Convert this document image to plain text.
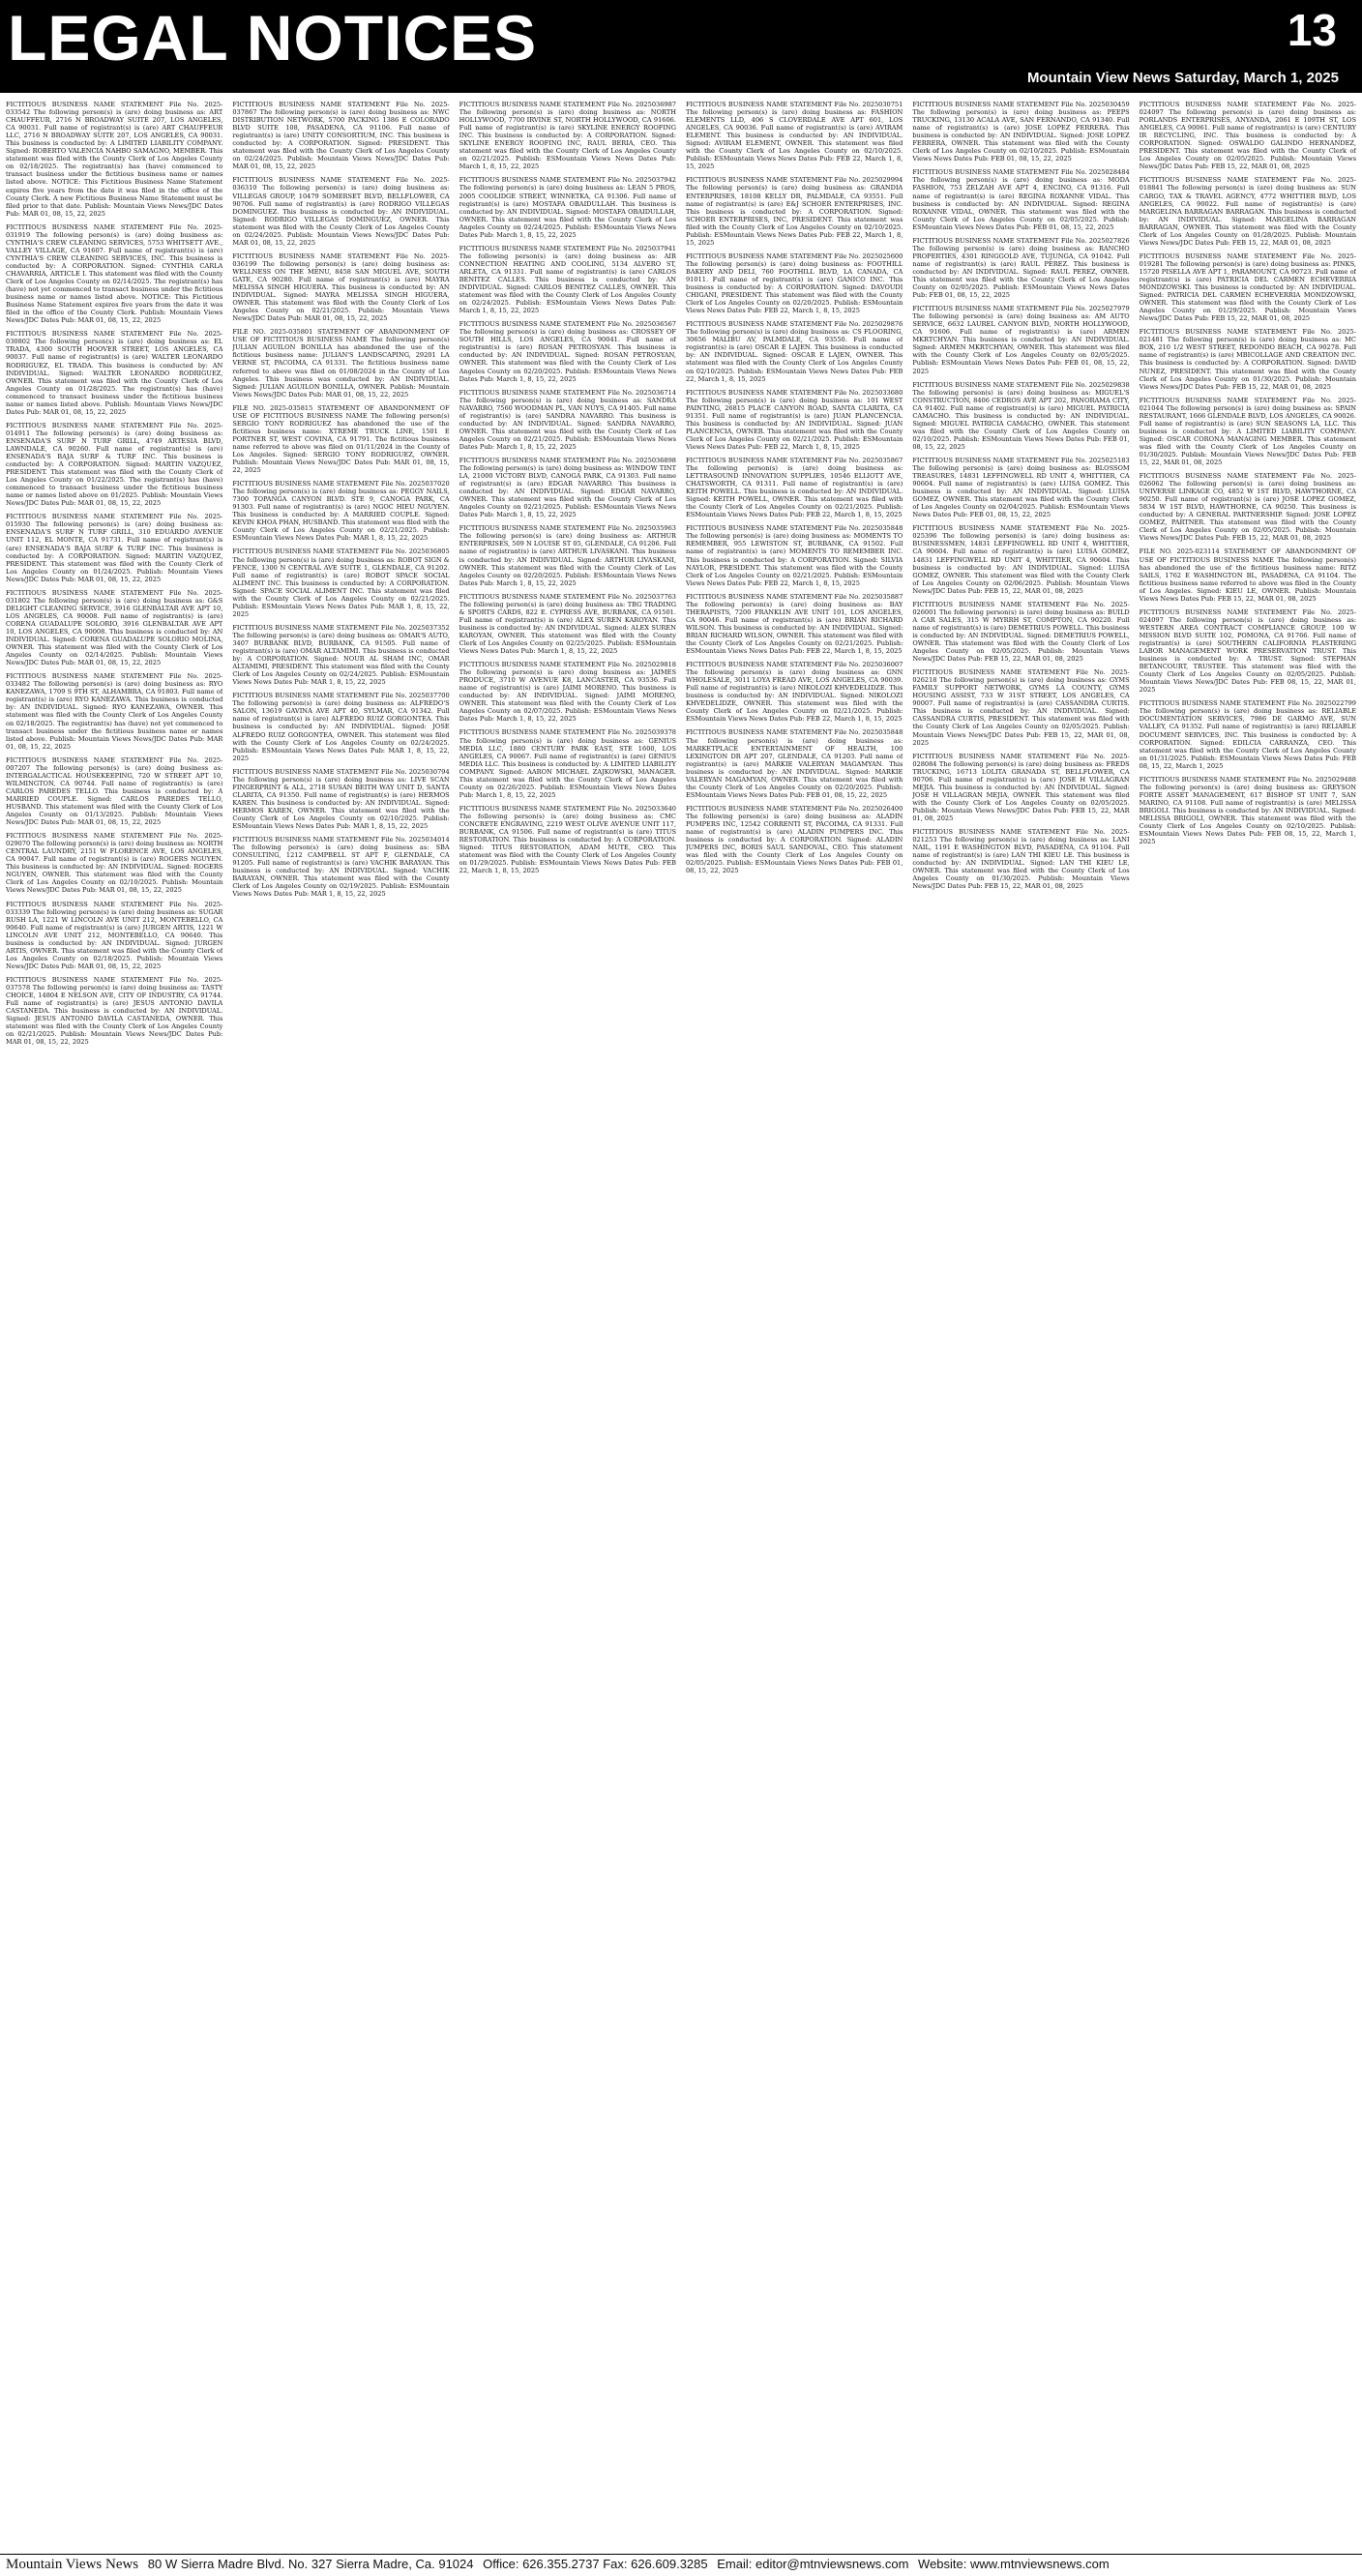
LEGAL NOTICES	13
Mountain View News Saturday, March 1, 2025

FICTITIOUS BUSINESS NAME STATEMENT File No. 2025-033542 The following person(s) is (are) doing business as: ART CHAUFFEUR, 2716 N BROADWAY SUITE 207, LOS ANGELES, CA 90031. Full name of registrant(s) is (are) ART CHAUFFEUR LLC, 2716 N BROADWAY SUITE 207, LOS ANGELES, CA 90031. This business is conducted by: A LIMITED LIABILITY COMPANY. Signed: ROBERTO VALENCIA NAHBO SAMAGNO, MEMBER. This statement was filed with the County Clerk of Los Angeles County on 02/18/2025. The registrant(s) has (have) commenced to transact business under the fictitious business name or names listed above. NOTICE: This Fictitious Business Name Statement expires five years from the date it was filed in the office of the County Clerk. A new Fictitious Business Name Statement must be filed prior to that date. Publish: Mountain Views News/JDC Dates Pub: MAR 01, 08, 15, 22, 2025

FICTITIOUS BUSINESS NAME STATEMENT File No. 2025-031919 The following person(s) is (are) doing business as: CYNTHIA'S CREW CLEANING SERVICES, 5753 WHITSETT AVE., VALLEY VILLAGE, CA 91607. Full name of registrant(s) is (are) CYNTHIA'S CREW CLEANING SERVICES, INC. This business is conducted by: A CORPORATION. Signed: CYNTHIA CARLA CHAVARRIA, ARTICLE I. This statement was filed with the County Clerk of Los Angeles County on 02/14/2025. The registrant(s) has (have) not yet commenced to transact business under the fictitious business name or names listed above. NOTICE: This Fictitious Business Name Statement expires five years from the date it was filed in the office of the County Clerk. Publish: Mountain Views News/JDC Dates Pub: MAR 01, 08, 15, 22, 2025

FICTITIOUS BUSINESS NAME STATEMENT File No. 2025-030802 The following person(s) is (are) doing business as: EL TRADA, 4300 SOUTH HOOVER STREET, LOS ANGELES, CA 90037. Full name of registrant(s) is (are) WALTER LEONARDO RODRIGUEZ, EL TRADA. This business is conducted by: AN INDIVIDUAL. Signed: WALTER LEONARDO RODRIGUEZ, OWNER. This statement was filed with the County Clerk of Los Angeles County on 01/28/2025. The registrant(s) has (have) commenced to transact business under the fictitious business name or names listed above. Publish: Mountain Views News/JDC Dates Pub: MAR 01, 08, 15, 22, 2025

FICTITIOUS BUSINESS NAME STATEMENT File No. 2025-014911 The following person(s) is (are) doing business as: ENSENADA'S SURF N TURF GRILL, 4749 ARTESIA BLVD, LAWNDALE, CA 90260. Full name of registrant(s) is (are) ENSENADA'S BAJA SURF & TURF INC. This business is conducted by: A CORPORATION. Signed: MARTIN VAZQUEZ, PRESIDENT. This statement was filed with the County Clerk of Los Angeles County on 01/22/2025. The registrant(s) has (have) commenced to transact business under the fictitious business name or names listed above on 01/2025. Publish: Mountain Views News/JDC Dates Pub: MAR 01, 08, 15, 22, 2025

FICTITIOUS BUSINESS NAME STATEMENT File No. 2025-015930 The following person(s) is (are) doing business as: ENSENADA'S SURF N TURF GRILL, 310 EDUARDO AVENUE UNIT 112, EL MONTE, CA 91731. Full name of registrant(s) is (are) ENSENADA'S BAJA SURF & TURF INC. This business is conducted by: A CORPORATION. Signed: MARTIN VAZQUEZ, PRESIDENT. This statement was filed with the County Clerk of Los Angeles County on 01/24/2025. Publish: Mountain Views News/JDC Dates Pub: MAR 01, 08, 15, 22, 2025

FICTITIOUS BUSINESS NAME STATEMENT File No. 2025-031802 The following person(s) is (are) doing business as: G&S DELIGHT CLEANING SERVICE, 3916 GLENBALTAR AVE APT 10, LOS ANGELES, CA 90008. Full name of registrant(s) is (are) CORENA GUADALUPE SOLORIO, 3916 GLENBALTAR AVE APT 10, LOS ANGELES, CA 90008. This business is conducted by: AN INDIVIDUAL. Signed: CORENA GUADALUPE SOLORIO MOLINA, OWNER. This statement was filed with the County Clerk of Los Angeles County on 02/14/2025. Publish: Mountain Views News/JDC Dates Pub: MAR 01, 08, 15, 22, 2025

FICTITIOUS BUSINESS NAME STATEMENT File No. 2025-033482 The following person(s) is (are) doing business as: RYO KANEZAWA, 1709 S 9TH ST, ALHAMBRA, CA 91803. Full name of registrant(s) is (are) RYO KANEZAWA. This business is conducted by: AN INDIVIDUAL. Signed: RYO KANEZAWA, OWNER. This statement was filed with the County Clerk of Los Angeles County on 02/18/2025. The registrant(s) has (have) not yet commenced to transact business under the fictitious business name or names listed above. Publish: Mountain Views News/JDC Dates Pub: MAR 01, 08, 15, 22, 2025

FICTITIOUS BUSINESS NAME STATEMENT File No. 2025-007207 The following person(s) is (are) doing business as: INTERGALACTICAL HOUSEKEEPING, 720 W STREET APT 10, WILMINGTON, CA 90744. Full name of registrant(s) is (are) CARLOS PAREDES TELLO. This business is conducted by: A MARRIED COUPLE. Signed: CARLOS PAREDES TELLO, HUSBAND. This statement was filed with the County Clerk of Los Angeles County on 01/13/2025. Publish: Mountain Views News/JDC Dates Pub: MAR 01, 08, 15, 22, 2025

FICTITIOUS BUSINESS NAME STATEMENT File No. 2025-029070 The following person(s) is (are) doing business as: NORTH CENTRAL LAUNDRY, 2151 W FLORENCE AVE, LOS ANGELES, CA 90047. Full name of registrant(s) is (are) ROGERS NGUYEN. This business is conducted by: AN INDIVIDUAL. Signed: ROGERS NGUYEN, OWNER. This statement was filed with the County Clerk of Los Angeles County on 02/10/2025. Publish: Mountain Views News/JDC Dates Pub: MAR 01, 08, 15, 22, 2025

FICTITIOUS BUSINESS NAME STATEMENT File No. 2025-033339 The following person(s) is (are) doing business as: SUGAR RUSH LA, 1221 W LINCOLN AVE UNIT 212, MONTEBELLO, CA 90640. Full name of registrant(s) is (are) JURGEN ARTIS, 1221 W LINCOLN AVE UNIT 212, MONTEBELLO, CA 90640. This business is conducted by: AN INDIVIDUAL. Signed: JURGEN ARTIS, OWNER. This statement was filed with the County Clerk of Los Angeles County on 02/18/2025. Publish: Mountain Views News/JDC Dates Pub: MAR 01, 08, 15, 22, 2025

FICTITIOUS BUSINESS NAME STATEMENT File No. 2025-037578 The following person(s) is (are) doing business as: TASTY CHOICE, 14804 E NELSON AVE, CITY OF INDUSTRY, CA 91744. Full name of registrant(s) is (are) JESUS ANTONIO DAVILA CASTANEDA. This business is conducted by: AN INDIVIDUAL. Signed: JESUS ANTONIO DAVILA CASTANEDA, OWNER. This statement was filed with the County Clerk of Los Angeles County on 02/21/2025. Publish: Mountain Views News/JDC Dates Pub: MAR 01, 08, 15, 22, 2025

FICTITIOUS BUSINESS NAME STATEMENT File No. 2025-037867 The following person(s) is (are) doing business as: NWC DISTRIBUTION NETWORK, 5700 PACKING 1386 E COLORADO BLVD SUITE 108, PASADENA, CA 91106. Full name of registrant(s) is (are) UNITY CONSORTIUM, INC. This business is conducted by: A CORPORATION. Signed: PRESIDENT. This statement was filed with the County Clerk of Los Angeles County on 02/24/2025. Publish: Mountain Views News/JDC Dates Pub: MAR 01, 08, 15, 22, 2025

FICTITIOUS BUSINESS NAME STATEMENT File No. 2025-036310 The following person(s) is (are) doing business as: VILLEGAS GROUP, 10479 SOMERSET BLVD, BELLFLOWER, CA 90706. Full name of registrant(s) is (are) RODRIGO VILLEGAS DOMINGUEZ. This business is conducted by: AN INDIVIDUAL. Signed: RODRIGO VILLEGAS DOMINGUEZ, OWNER. This statement was filed with the County Clerk of Los Angeles County on 02/24/2025. Publish: Mountain Views News/JDC Dates Pub: MAR 01, 08, 15, 22, 2025

FICTITIOUS BUSINESS NAME STATEMENT File No. 2025-036199 The following person(s) is (are) doing business as: WELLNESS ON THE MENU, 8458 SAN MIGUEL AVE, SOUTH GATE, CA 90280. Full name of registrant(s) is (are) MAYRA MELISSA SINGH HIGUERA. This business is conducted by: AN INDIVIDUAL. Signed: MAYRA MELISSA SINGH HIGUERA, OWNER. This statement was filed with the County Clerk of Los Angeles County on 02/21/2025. Publish: Mountain Views News/JDC Dates Pub: MAR 01, 08, 15, 22, 2025

FILE NO. 2025-035801 STATEMENT OF ABANDONMENT OF USE OF FICTITIOUS BUSINESS NAME The following person(s) JULIAN AGUILON BONILLA has abandoned the use of the fictitious business name: JULIAN'S LANDSCAPING, 29201 LA VERNE ST, PACOIMA, CA 91331. The fictitious business name referred to above was filed on 01/08/2024 in the County of Los Angeles. This business was conducted by: AN INDIVIDUAL. Signed: JULIAN AGUILON BONILLA, OWNER. Publish: Mountain Views News/JDC Dates Pub: MAR 01, 08, 15, 22, 2025

FILE NO. 2025-035815 STATEMENT OF ABANDONMENT OF USE OF FICTITIOUS BUSINESS NAME The following person(s) SERGIO TONY RODRIGUEZ has abandoned the use of the fictitious business name: XTREME TRUCK LINE, 1501 E PORTNER ST, WEST COVINA, CA 91791. The fictitious business name referred to above was filed on 01/11/2024 in the County of Los Angeles. Signed: SERGIO TONY RODRIGUEZ, OWNER. Publish: Mountain Views News/JDC Dates Pub: MAR 01, 08, 15, 22, 2025

FICTITIOUS BUSINESS NAME STATEMENT File No. 2025037020 The following person(s) is (are) doing business as: PEGGY NAILS, 7300 TOPANGA CANYON BLVD. STE 9, CANOGA PARK, CA 91303. Full name of registrant(s) is (are) NGOC HIEU NGUYEN. This business is conducted by: A MARRIED COUPLE. Signed: KEVIN KHOA PHAN, HUSBAND. This statement was filed with the County Clerk of Los Angeles County on 02/21/2025. Publish: ESMountain Views News Dates Pub: MAR 1, 8, 15, 22, 2025

FICTITIOUS BUSINESS NAME STATEMENT File No. 2025036805 The following person(s) is (are) doing business as: ROBOT SIGN & FENCE, 1300 N CENTRAL AVE SUITE 1, GLENDALE, CA 91202. Full name of registrant(s) is (are) ROBOT SPACE SOCIAL ALIMENT INC. This business is conducted by: A CORPORATION. Signed: SPACE SOCIAL ALIMENT INC. This statement was filed with the County Clerk of Los Angeles County on 02/21/2025. Publish: ESMountain Views News Dates Pub: MAR 1, 8, 15, 22, 2025

FICTITIOUS BUSINESS NAME STATEMENT File No. 2025037352 The following person(s) is (are) doing business as: OMAR'S AUTO, 3407 BURBANK BLVD, BURBANK, CA 91505. Full name of registrant(s) is (are) OMAR ALTAMIMI. This business is conducted by: A CORPORATION. Signed: NOUR AL SHAM INC, OMAR ALTAMIMI, PRESIDENT. This statement was filed with the County Clerk of Los Angeles County on 02/24/2025. Publish: ESMountain Views News Dates Pub: MAR 1, 8, 15, 22, 2025

FICTITIOUS BUSINESS NAME STATEMENT File No. 2025037700 The following person(s) is (are) doing business as: ALFREDO'S SALON, 13619 GAVINA AVE APT 40, SYLMAR, CA 91342. Full name of registrant(s) is (are) ALFREDO RUIZ GORGONTEA. This business is conducted by: AN INDIVIDUAL. Signed: JOSE ALFREDO RUIZ GORGONTEA, OWNER. This statement was filed with the County Clerk of Los Angeles County on 02/24/2025. Publish: ESMountain Views News Dates Pub: MAR 1, 8, 15, 22, 2025

FICTITIOUS BUSINESS NAME STATEMENT File No. 2025030794 The following person(s) is (are) doing business as: LIVE SCAN FINGERPRINT & ALL, 2718 SUSAN BEITH WAY UNIT D, SANTA CLARITA, CA 91350. Full name of registrant(s) is (are) HERMOS KAREN. This business is conducted by: AN INDIVIDUAL. Signed: HERMOS KAREN, OWNER. This statement was filed with the County Clerk of Los Angeles County on 02/10/2025. Publish: ESMountain Views News Dates Pub: MAR 1, 8, 15, 22, 2025

FICTITIOUS BUSINESS NAME STATEMENT File No. 2025034014 The following person(s) is (are) doing business as: SBA CONSULTING, 1212 CAMPBELL ST APT F, GLENDALE, CA 91205. Full name of registrant(s) is (are) VACHIK BARAYAN. This business is conducted by: AN INDIVIDUAL. Signed: VACHIK BARAYAN, OWNER. This statement was filed with the County Clerk of Los Angeles County on 02/19/2025. Publish: ESMountain Views News Dates Pub: MAR 1, 8, 15, 22, 2025

FICTITIOUS BUSINESS NAME STATEMENT File No. 2025036987 The following person(s) is (are) doing business as: NORTH HOLLYWOOD, 7700 IRVINE ST, NORTH HOLLYWOOD, CA 91606. Full name of registrant(s) is (are) SKYLINE ENERGY ROOFING INC. This business is conducted by: A CORPORATION. Signed: SKYLINE ENERGY ROOFING INC, RAUL BERIA, CEO. This statement was filed with the County Clerk of Los Angeles County on 02/21/2025. Publish: ESMountain Views News Dates Pub: March 1, 8, 15, 22, 2025

FICTITIOUS BUSINESS NAME STATEMENT File No. 2025037942 The following person(s) is (are) doing business as: LEAN 5 PROS, 2005 COOLIDGE STREET, WINNETKA, CA 91306. Full name of registrant(s) is (are) MOSTAFA OBAIDULLAH. This business is conducted by: AN INDIVIDUAL. Signed: MOSTAFA OBAIDULLAH, OWNER. This statement was filed with the County Clerk of Los Angeles County on 02/24/2025. Publish: ESMountain Views News Dates Pub: March 1, 8, 15, 22, 2025

FICTITIOUS BUSINESS NAME STATEMENT File No. 2025037941 The following person(s) is (are) doing business as: AIR CONNECTION HEATING AND COOLING, 5134 ALVERO ST, ARLETA, CA 91331. Full name of registrant(s) is (are) CARLOS BENITEZ CALLES. This business is conducted by: AN INDIVIDUAL. Signed: CARLOS BENITEZ CALLES, OWNER. This statement was filed with the County Clerk of Los Angeles County on 02/24/2025. Publish: ESMountain Views News Dates Pub: March 1, 8, 15, 22, 2025

FICTITIOUS BUSINESS NAME STATEMENT File No. 2025036567 The following person(s) is (are) doing business as: CROSSEY OF SOUTH HILLS, LOS ANGELES, CA 90041. Full name of registrant(s) is (are) ROSAN PETROSYAN. This business is conducted by: AN INDIVIDUAL. Signed: ROSAN PETROSYAN, OWNER. This statement was filed with the County Clerk of Los Angeles County on 02/20/2025. Publish: ESMountain Views News Dates Pub: March 1, 8, 15, 22, 2025

FICTITIOUS BUSINESS NAME STATEMENT File No. 2025036714 The following person(s) is (are) doing business as: SANDRA NAVARRO, 7560 WOODMAN PL, VAN NUYS, CA 91405. Full name of registrant(s) is (are) SANDRA NAVARRO. This business is conducted by: AN INDIVIDUAL. Signed: SANDRA NAVARRO, OWNER. This statement was filed with the County Clerk of Los Angeles County on 02/21/2025. Publish: ESMountain Views News Dates Pub: March 1, 8, 15, 22, 2025

FICTITIOUS BUSINESS NAME STATEMENT File No. 2025036898 The following person(s) is (are) doing business as: WINDOW TINT LA, 21000 VICTORY BLVD, CANOGA PARK, CA 91303. Full name of registrant(s) is (are) EDGAR NAVARRO. This business is conducted by: AN INDIVIDUAL. Signed: EDGAR NAVARRO, OWNER. This statement was filed with the County Clerk of Los Angeles County on 02/21/2025. Publish: ESMountain Views News Dates Pub: March 1, 8, 15, 22, 2025

FICTITIOUS BUSINESS NAME STATEMENT File No. 2025035963 The following person(s) is (are) doing business as: ARTHUR ENTERPRISES, 509 N LOUISE ST 05, GLENDALE, CA 91206. Full name of registrant(s) is (are) ARTHUR LIVASKANI. This business is conducted by: AN INDIVIDUAL. Signed: ARTHUR LIVASKANI, OWNER. This statement was filed with the County Clerk of Los Angeles County on 02/20/2025. Publish: ESMountain Views News Dates Pub: March 1, 8, 15, 22, 2025

FICTITIOUS BUSINESS NAME STATEMENT File No. 2025037763 The following person(s) is (are) doing business as: TBG TRADING & SPORTS CARDS, 822 E. CYPRESS AVE, BURBANK, CA 91501. Full name of registrant(s) is (are) ALEX SUREN KAROYAN. This business is conducted by: AN INDIVIDUAL. Signed: ALEX SUREN KAROYAN, OWNER. This statement was filed with the County Clerk of Los Angeles County on 02/25/2025. Publish: ESMountain Views News Dates Pub: March 1, 8, 15, 22, 2025

FICTITIOUS BUSINESS NAME STATEMENT File No. 2025029818 The following person(s) is (are) doing business as: JAIMES PRODUCE, 3710 W AVENUE K8, LANCASTER, CA 93536. Full name of registrant(s) is (are) JAIMI MORENO. This business is conducted by: AN INDIVIDUAL. Signed: JAIMI MORENO, OWNER. This statement was filed with the County Clerk of Los Angeles County on 02/07/2025. Publish: ESMountain Views News Dates Pub: March 1, 8, 15, 22, 2025

FICTITIOUS BUSINESS NAME STATEMENT File No. 2025039378 The following person(s) is (are) doing business as: GENIUS MEDIA LLC, 1880 CENTURY PARK EAST, STE 1600, LOS ANGELES, CA 90067. Full name of registrant(s) is (are) GENIUS MEDIA LLC. This business is conducted by: A LIMITED LIABILITY COMPANY. Signed: AARON MICHAEL ZAJKOWSKI, MANAGER. This statement was filed with the County Clerk of Los Angeles County on 02/26/2025. Publish: ESMountain Views News Dates Pub: March 1, 8, 15, 22, 2025

FICTITIOUS BUSINESS NAME STATEMENT File No. 2025033640 The following person(s) is (are) doing business as: CMC CONCRETE ENGRAVING, 2219 WEST OLIVE AVENUE UNIT 117, BURBANK, CA 91506. Full name of registrant(s) is (are) TITUS RESTORATION. This business is conducted by: A CORPORATION. Signed: TITUS RESTORATION, ADAM MUTE, CEO. This statement was filed with the County Clerk of Los Angeles County on 01/29/2025. Publish: ESMountain Views News Dates Pub: FEB 22, March 1, 8, 15, 2025

FICTITIOUS BUSINESS NAME STATEMENT File No. 2025030751 The following person(s) is (are) doing business as: FASHION ELEMENTS LLD, 406 S CLOVERDALE AVE APT 601, LOS ANGELES, CA 90036. Full name of registrant(s) is (are) AVIRAM ELEMENT. This business is conducted by: AN INDIVIDUAL. Signed: AVIRAM ELEMENT, OWNER. This statement was filed with the County Clerk of Los Angeles County on 02/10/2025. Publish: ESMountain Views News Dates Pub: FEB 22, March 1, 8, 15, 2025

FICTITIOUS BUSINESS NAME STATEMENT File No. 2025029994 The following person(s) is (are) doing business as: GRANDIA ENTERPRISES, 18108 KELLY DR, PALMDALE, CA 93551. Full name of registrant(s) is (are) E&J SCHOER ENTERPRISES, INC. This business is conducted by: A CORPORATION. Signed: SCHOER ENTERPRISES, INC, PRESIDENT. This statement was filed with the County Clerk of Los Angeles County on 02/10/2025. Publish: ESMountain Views News Dates Pub: FEB 22, March 1, 8, 15, 2025

FICTITIOUS BUSINESS NAME STATEMENT File No. 2025025600 The following person(s) is (are) doing business as: FOOTHILL BAKERY AND DELI, 760 FOOTHILL BLVD, LA CANADA, CA 91011. Full name of registrant(s) is (are) GANICO INC. This business is conducted by: A CORPORATION. Signed: DAVOUDI CHIGANI, PRESIDENT. This statement was filed with the County Clerk of Los Angeles County on 02/20/2025. Publish: ESMountain Views News Dates Pub: FEB 22, March 1, 8, 15, 2025

FICTITIOUS BUSINESS NAME STATEMENT File No. 2025029876 The following person(s) is (are) doing business as: CS FLOORING, 30656 MALIBU AV, PALMDALE, CA 93550. Full name of registrant(s) is (are) OSCAR E LAJEN. This business is conducted by: AN INDIVIDUAL. Signed: OSCAR E LAJEN, OWNER. This statement was filed with the County Clerk of Los Angeles County on 02/10/2025. Publish: ESMountain Views News Dates Pub: FEB 22, March 1, 8, 15, 2025

FICTITIOUS BUSINESS NAME STATEMENT File No. 2025033680 The following person(s) is (are) doing business as: 101 WEST PAINTING, 26815 PLACE CANYON ROAD, SANTA CLARITA, CA 91351. Full name of registrant(s) is (are) JUAN PLANCENCIA. This business is conducted by: AN INDIVIDUAL. Signed: JUAN PLANCENCIA, OWNER. This statement was filed with the County Clerk of Los Angeles County on 02/21/2025. Publish: ESMountain Views News Dates Pub: FEB 22, March 1, 8, 15, 2025

FICTITIOUS BUSINESS NAME STATEMENT File No. 2025035867 The following person(s) is (are) doing business as: LETTRASOUND INNOVATION SUPPLIES, 10546 ELLIOTT AVE, CHATSWORTH, CA 91311. Full name of registrant(s) is (are) KEITH POWELL. This business is conducted by: AN INDIVIDUAL. Signed: KEITH POWELL, OWNER. This statement was filed with the County Clerk of Los Angeles County on 02/21/2025. Publish: ESMountain Views News Dates Pub: FEB 22, March 1, 8, 15, 2025

FICTITIOUS BUSINESS NAME STATEMENT File No. 2025035848 The following person(s) is (are) doing business as: MOMENTS TO REMEMBER, 955 LEWISTON ST, BURBANK, CA 91502. Full name of registrant(s) is (are) MOMENTS TO REMEMBER INC. This business is conducted by: A CORPORATION. Signed: SILVIA NAYLOR, PRESIDENT. This statement was filed with the County Clerk of Los Angeles County on 02/21/2025. Publish: ESMountain Views News Dates Pub: FEB 22, March 1, 8, 15, 2025

FICTITIOUS BUSINESS NAME STATEMENT File No. 2025035887 The following person(s) is (are) doing business as: BAY THERAPISTS, 7200 FRANKLIN AVE UNIT 101, LOS ANGELES, CA 90046. Full name of registrant(s) is (are) BRIAN RICHARD WILSON. This business is conducted by: AN INDIVIDUAL. Signed: BRIAN RICHARD WILSON, OWNER. This statement was filed with the County Clerk of Los Angeles County on 02/21/2025. Publish: ESMountain Views News Dates Pub: FEB 22, March 1, 8, 15, 2025

FICTITIOUS BUSINESS NAME STATEMENT File No. 2025036007 The following person(s) is (are) doing business as: GNN WHOLESALE, 3011 LOYA FREAD AVE, LOS ANGELES, CA 90039. Full name of registrant(s) is (are) NIKOLOZI KHVEDELIDZE. This business is conducted by: AN INDIVIDUAL. Signed: NIKOLOZI KHVEDELIDZE, OWNER. This statement was filed with the County Clerk of Los Angeles County on 02/21/2025. Publish: ESMountain Views News Dates Pub: FEB 22, March 1, 8, 15, 2025

FICTITIOUS BUSINESS NAME STATEMENT File No. 2025035848 The following person(s) is (are) doing business as: MARKETPLACE ENTERTAINMENT OF HEALTH, 100 LEXINGTON DR APT 207, GLENDALE, CA 91203. Full name of registrant(s) is (are) MARKIE VALERYAN MAGAMYAN. This business is conducted by: AN INDIVIDUAL. Signed: MARKIE VALERYAN MAGAMYAN, OWNER. This statement was filed with the County Clerk of Los Angeles County on 02/20/2025. Publish: ESMountain Views News Dates Pub: FEB 01, 08, 15, 22, 2025

FICTITIOUS BUSINESS NAME STATEMENT File No. 2025026400 The following person(s) is (are) doing business as: ALADIN PUMPERS INC, 12542 CORRENTI ST, PACOIMA, CA 91331. Full name of registrant(s) is (are) ALADIN PUMPERS INC. This business is conducted by: A CORPORATION. Signed: ALADIN JUMPERS INC, BORIS SAUL SANDOVAL, CEO. This statement was filed with the County Clerk of Los Angeles County on 02/05/2025. Publish: ESMountain Views News Dates Pub: FEB 01, 08, 15, 22, 2025

FICTITIOUS BUSINESS NAME STATEMENT File No. 2025030459 The following person(s) is (are) doing business as: PEEPS TRUCKING, 13130 ACALA AVE, SAN FERNANDO, CA 91340. Full name of registrant(s) is (are) JOSE LOPEZ FERRERA. This business is conducted by: AN INDIVIDUAL. Signed: JOSE LOPEZ FERRERA, OWNER. This statement was filed with the County Clerk of Los Angeles County on 02/10/2025. Publish: ESMountain Views News Dates Pub: FEB 01, 08, 15, 22, 2025

FICTITIOUS BUSINESS NAME STATEMENT File No. 2025028484 The following person(s) is (are) doing business as: MODA FASHION, 753 ZELZAH AVE APT 4, ENCINO, CA 91316. Full name of registrant(s) is (are) REGINA ROXANNE VIDAL. This business is conducted by: AN INDIVIDUAL. Signed: REGINA ROXANNE VIDAL, OWNER. This statement was filed with the County Clerk of Los Angeles County on 02/05/2025. Publish: ESMountain Views News Dates Pub: FEB 01, 08, 15, 22, 2025

FICTITIOUS BUSINESS NAME STATEMENT File No. 2025027826 The following person(s) is (are) doing business as: RANCHO PROPERTIES, 4301 RINGGOLD AVE, TUJUNGA, CA 91042. Full name of registrant(s) is (are) RAUL PEREZ. This business is conducted by: AN INDIVIDUAL. Signed: RAUL PEREZ, OWNER. This statement was filed with the County Clerk of Los Angeles County on 02/05/2025. Publish: ESMountain Views News Dates Pub: FEB 01, 08, 15, 22, 2025

FICTITIOUS BUSINESS NAME STATEMENT File No. 2025027979 The following person(s) is (are) doing business as: AM AUTO SERVICE, 6632 LAUREL CANYON BLVD, NORTH HOLLYWOOD, CA 91606. Full name of registrant(s) is (are) ARMEN MKRTCHYAN. This business is conducted by: AN INDIVIDUAL. Signed: ARMEN MKRTCHYAN, OWNER. This statement was filed with the County Clerk of Los Angeles County on 02/05/2025. Publish: ESMountain Views News Dates Pub: FEB 01, 08, 15, 22, 2025

FICTITIOUS BUSINESS NAME STATEMENT File No. 2025029838 The following person(s) is (are) doing business as: MIGUEL'S CONSTRUCTION, 8406 CEDROS AVE APT 202, PANORAMA CITY, CA 91402. Full name of registrant(s) is (are) MIGUEL PATRICIA CAMACHO. This business is conducted by: AN INDIVIDUAL. Signed: MIGUEL PATRICIA CAMACHO, OWNER. This statement was filed with the County Clerk of Los Angeles County on 02/10/2025. Publish: ESMountain Views News Dates Pub: FEB 01, 08, 15, 22, 2025

FICTITIOUS BUSINESS NAME STATEMENT File No. 2025025183 The following person(s) is (are) doing business as: BLOSSOM TREASURES, 14831 LEFFINGWELL RD UNIT 4, WHITTIER, CA 90604. Full name of registrant(s) is (are) LUISA GOMEZ. This business is conducted by: AN INDIVIDUAL. Signed: LUISA GOMEZ, OWNER. This statement was filed with the County Clerk of Los Angeles County on 02/04/2025. Publish: ESMountain Views News Dates Pub: FEB 01, 08, 15, 22, 2025

FICTITIOUS BUSINESS NAME STATEMENT File No. 2025-025396 The following person(s) is (are) doing business as: BUSINESSMEN, 14831 LEFFINGWELL RD UNIT 4, WHITTIER, CA 90604. Full name of registrant(s) is (are) LUISA GOMEZ, 14831 LEFFINGWELL RD UNIT 4, WHITTIER, CA 90604. This business is conducted by: AN INDIVIDUAL. Signed: LUISA GOMEZ, OWNER. This statement was filed with the County Clerk of Los Angeles County on 02/06/2025. Publish: Mountain Views News/JDC Dates Pub: FEB 15, 22, MAR 01, 08, 2025

FICTITIOUS BUSINESS NAME STATEMENT File No. 2025-026001 The following person(s) is (are) doing business as: BUILD A CAR SALES, 315 W MYRRH ST, COMPTON, CA 90220. Full name of registrant(s) is (are) DEMETRIUS POWELL. This business is conducted by: AN INDIVIDUAL. Signed: DEMETRIUS POWELL, OWNER. This statement was filed with the County Clerk of Los Angeles County on 02/05/2025. Publish: Mountain Views News/JDC Dates Pub: FEB 15, 22, MAR 01, 08, 2025

FICTITIOUS BUSINESS NAME STATEMENT File No. 2025-026218 The following person(s) is (are) doing business as: GYMS FAMILY SUPPORT NETWORK, GYMS LA COUNTY, GYMS HOUSING ASSIST, 733 W 31ST STREET, LOS ANGELES, CA 90007. Full name of registrant(s) is (are) CASSANDRA CURTIS. This business is conducted by: AN INDIVIDUAL. Signed: CASSANDRA CURTIS, PRESIDENT. This statement was filed with the County Clerk of Los Angeles County on 02/05/2025. Publish: Mountain Views News/JDC Dates Pub: FEB 15, 22, MAR 01, 08, 2025

FICTITIOUS BUSINESS NAME STATEMENT File No. 2025-028084 The following person(s) is (are) doing business as: FREDS TRUCKING, 16713 LOLITA GRANADA ST, BELLFLOWER, CA 90706. Full name of registrant(s) is (are) JOSE H VILLAGRAN MEJIA. This business is conducted by: AN INDIVIDUAL. Signed: JOSE H VILLAGRAN MEJIA, OWNER. This statement was filed with the County Clerk of Los Angeles County on 02/05/2025. Publish: Mountain Views News/JDC Dates Pub: FEB 15, 22, MAR 01, 08, 2025

FICTITIOUS BUSINESS NAME STATEMENT File No. 2025-021253 The following person(s) is (are) doing business as: LANI NAIL, 1191 E WASHINGTON BLVD, PASADENA, CA 91104. Full name of registrant(s) is (are) LAN THI KIEU LE. This business is conducted by: AN INDIVIDUAL. Signed: LAN THI KIEU LE, OWNER. This statement was filed with the County Clerk of Los Angeles County on 01/30/2025. Publish: Mountain Views News/JDC Dates Pub: FEB 15, 22, MAR 01, 08, 2025

FICTITIOUS BUSINESS NAME STATEMENT File No. 2025-024097 The following person(s) is (are) doing business as: PORLANDS ENTERPRISES, ANYANDA, 2061 E 109TH ST, LOS ANGELES, CA 90061. Full name of registrant(s) is (are) CENTURY IR RECYCLING, INC. This business is conducted by: A CORPORATION. Signed: OSWALDO GALINDO HERNANDEZ, PRESIDENT. This statement was filed with the County Clerk of Los Angeles County on 02/05/2025. Publish: Mountain Views News/JDC Dates Pub: FEB 15, 22, MAR 01, 08, 2025

FICTITIOUS BUSINESS NAME STATEMENT File No. 2025-018841 The following person(s) is (are) doing business as: SUN CARGO, TAX & TRAVEL AGENCY, 4772 WHITTIER BLVD, LOS ANGELES, CA 90022. Full name of registrant(s) is (are) MARGELINA BARRAGAN BARRAGAN. This business is conducted by: AN INDIVIDUAL. Signed: MARGELINA BARRAGAN BARRAGAN, OWNER. This statement was filed with the County Clerk of Los Angeles County on 01/28/2025. Publish: Mountain Views News/JDC Dates Pub: FEB 15, 22, MAR 01, 08, 2025

FICTITIOUS BUSINESS NAME STATEMENT File No. 2025-019281 The following person(s) is (are) doing business as: PINKS, 15720 PISELLA AVE APT 1, PARAMOUNT, CA 90723. Full name of registrant(s) is (are) PATRICIA DEL CARMEN ECHEVERRIA MONDZOWSKI. This business is conducted by: AN INDIVIDUAL. Signed: PATRICIA DEL CARMEN ECHEVERRIA MONDZOWSKI, OWNER. This statement was filed with the County Clerk of Los Angeles County on 01/29/2025. Publish: Mountain Views News/JDC Dates Pub: FEB 15, 22, MAR 01, 08, 2025

FICTITIOUS BUSINESS NAME STATEMENT File No. 2025-021481 The following person(s) is (are) doing business as: MC BOX, 210 1/2 WEST STREET, REDONDO BEACH, CA 90278. Full name of registrant(s) is (are) MBICOLLAGE AND CREATION INC. This business is conducted by: A CORPORATION. Signed: DAVID NUNEZ, PRESIDENT. This statement was filed with the County Clerk of Los Angeles County on 01/30/2025. Publish: Mountain Views News/JDC Dates Pub: FEB 15, 22, MAR 01, 08, 2025

FICTITIOUS BUSINESS NAME STATEMENT File No. 2025-021044 The following person(s) is (are) doing business as: SPAIN RESTAURANT, 1666 GLENDALE BLVD, LOS ANGELES, CA 90026. Full name of registrant(s) is (are) SUN SEASONS LA, LLC. This business is conducted by: A LIMITED LIABILITY COMPANY. Signed: OSCAR CORONA MANAGING MEMBER. This statement was filed with the County Clerk of Los Angeles County on 01/30/2025. Publish: Mountain Views News/JDC Dates Pub: FEB 15, 22, MAR 01, 08, 2025

FICTITIOUS BUSINESS NAME STATEMENT File No. 2025-026062 The following person(s) is (are) doing business as: UNIVERSE LINKAGE CO, 4852 W 1ST BLVD, HAWTHORNE, CA 90250. Full name of registrant(s) is (are) JOSE LOPEZ GOMEZ, 5834 W 1ST BLVD, HAWTHORNE, CA 90250. This business is conducted by: A GENERAL PARTNERSHIP. Signed: JOSE LOPEZ GOMEZ, PARTNER. This statement was filed with the County Clerk of Los Angeles County on 02/05/2025. Publish: Mountain Views News/JDC Dates Pub: FEB 15, 22, MAR 01, 08, 2025

FILE NO. 2025-023114 STATEMENT OF ABANDONMENT OF USE OF FICTITIOUS BUSINESS NAME The following person(s) has abandoned the use of the fictitious business name: RITZ SAILS, 1762 E WASHINGTON BL, PASADENA, CA 91104. The fictitious business name referred to above was filed in the County of Los Angeles. Signed: KIEU LE, OWNER. Publish: Mountain Views News Dates Pub: FEB 15, 22, MAR 01, 08, 2025

FICTITIOUS BUSINESS NAME STATEMENT File No. 2025-024097 The following person(s) is (are) doing business as: WESTERN AREA CONTRACT COMPLIANCE GROUP, 100 W MISSION BLVD SUITE 102, POMONA, CA 91766. Full name of registrant(s) is (are) SOUTHERN CALIFORNIA PLASTERING LABOR MANAGEMENT WORK PRESERVATION TRUST. This business is conducted by: A TRUST. Signed: STEPHAN BETANCOURT, TRUSTEE. This statement was filed with the County Clerk of Los Angeles County on 02/05/2025. Publish: Mountain Views News/JDC Dates Pub: FEB 08, 15, 22, MAR 01, 2025

FICTITIOUS BUSINESS NAME STATEMENT File No. 2025022799 The following person(s) is (are) doing business as: RELIABLE DOCUMENTATION SERVICES, 7986 DE GARMO AVE, SUN VALLEY, CA 91352. Full name of registrant(s) is (are) RELIABLE DOCUMENT SERVICES, INC. This business is conducted by: A CORPORATION. Signed: EDILCIA CARRANZA, CEO. This statement was filed with the County Clerk of Los Angeles County on 01/31/2025. Publish: ESMountain Views News Dates Pub: FEB 08, 15, 22, March 1, 2025

FICTITIOUS BUSINESS NAME STATEMENT File No. 2025029488 The following person(s) is (are) doing business as: GREYSON FORTE ASSET MANAGEMENT, 617 BISHOP ST UNIT 7, SAN MARINO, CA 91108. Full name of registrant(s) is (are) MELISSA BRIGOLI. This business is conducted by: AN INDIVIDUAL. Signed: MELISSA BRIGOLI, OWNER. This statement was filed with the County Clerk of Los Angeles County on 02/10/2025. Publish: ESMountain Views News Dates Pub: FEB 08, 15, 22, March 1, 2025

Mountain Views News 80 W Sierra Madre Blvd. No. 327 Sierra Madre, Ca. 91024 Office: 626.355.2737 Fax: 626.609.3285 Email: editor@mtnviewsnews.com Website: www.mtnviewsnews.com
